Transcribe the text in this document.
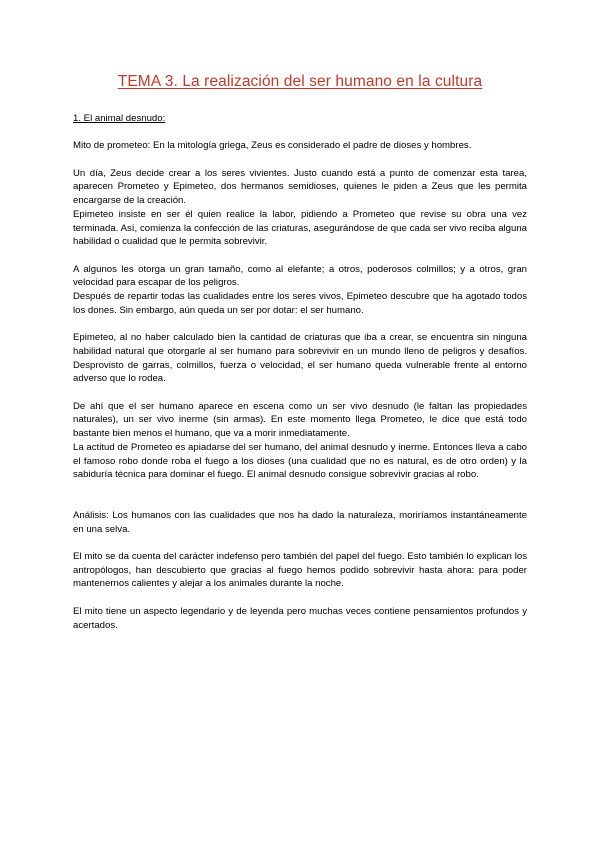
TEMA 3. La realización del ser humano en la cultura

1. El animal desnudo:

Mito de prometeo: En la mitología griega, Zeus es considerado el padre de dioses y hombres.

Un día, Zeus decide crear a los seres vivientes. Justo cuando está a punto de comenzar esta tarea, aparecen Prometeo y Epimeteo, dos hermanos semidioses, quienes le piden a Zeus que les permita encargarse de la creación.

Epimeteo insiste en ser él quien realice la labor, pidiendo a Prometeo que revise su obra una vez terminada. Así, comienza la confección de las criaturas, asegurándose de que cada ser vivo reciba alguna habilidad o cualidad que le permita sobrevivir.

A algunos les otorga un gran tamaño, como al elefante; a otros, poderosos colmillos; y a otros, gran velocidad para escapar de los peligros.

Después de repartir todas las cualidades entre los seres vivos, Epimeteo descubre que ha agotado todos los dones. Sin embargo, aún queda un ser por dotar: el ser humano.

Epimeteo, al no haber calculado bien la cantidad de criaturas que iba a crear, se encuentra sin ninguna habilidad natural que otorgarle al ser humano para sobrevivir en un mundo lleno de peligros y desafíos. Desprovisto de garras, colmillos, fuerza o velocidad, el ser humano queda vulnerable frente al entorno adverso que lo rodea.

De ahí que el ser humano aparece en escena como un ser vivo desnudo (le faltan las propiedades naturales), un ser vivo inerme (sin armas). En este momento llega Prometeo, le dice que está todo bastante bien menos el humano, que va a morir inmediatamente.

La actitud de Prometeo es apiadarse del ser humano, del animal desnudo y inerme. Entonces lleva a cabo el famoso robo donde roba el fuego a los dioses (una cualidad que no es natural, es de otro orden) y la sabiduría técnica para dominar el fuego. El animal desnudo consigue sobrevivir gracias al robo.

Análisis: Los humanos con las cualidades que nos ha dado la naturaleza, moriríamos instantáneamente en una selva.

El mito se da cuenta del carácter indefenso pero también del papel del fuego. Esto también lo explican los antropólogos, han descubierto que gracias al fuego hemos podido sobrevivir hasta ahora: para poder mantenernos calientes y alejar a los animales durante la noche.

El mito tiene un aspecto legendario y de leyenda pero muchas veces contiene pensamientos profundos y acertados.
